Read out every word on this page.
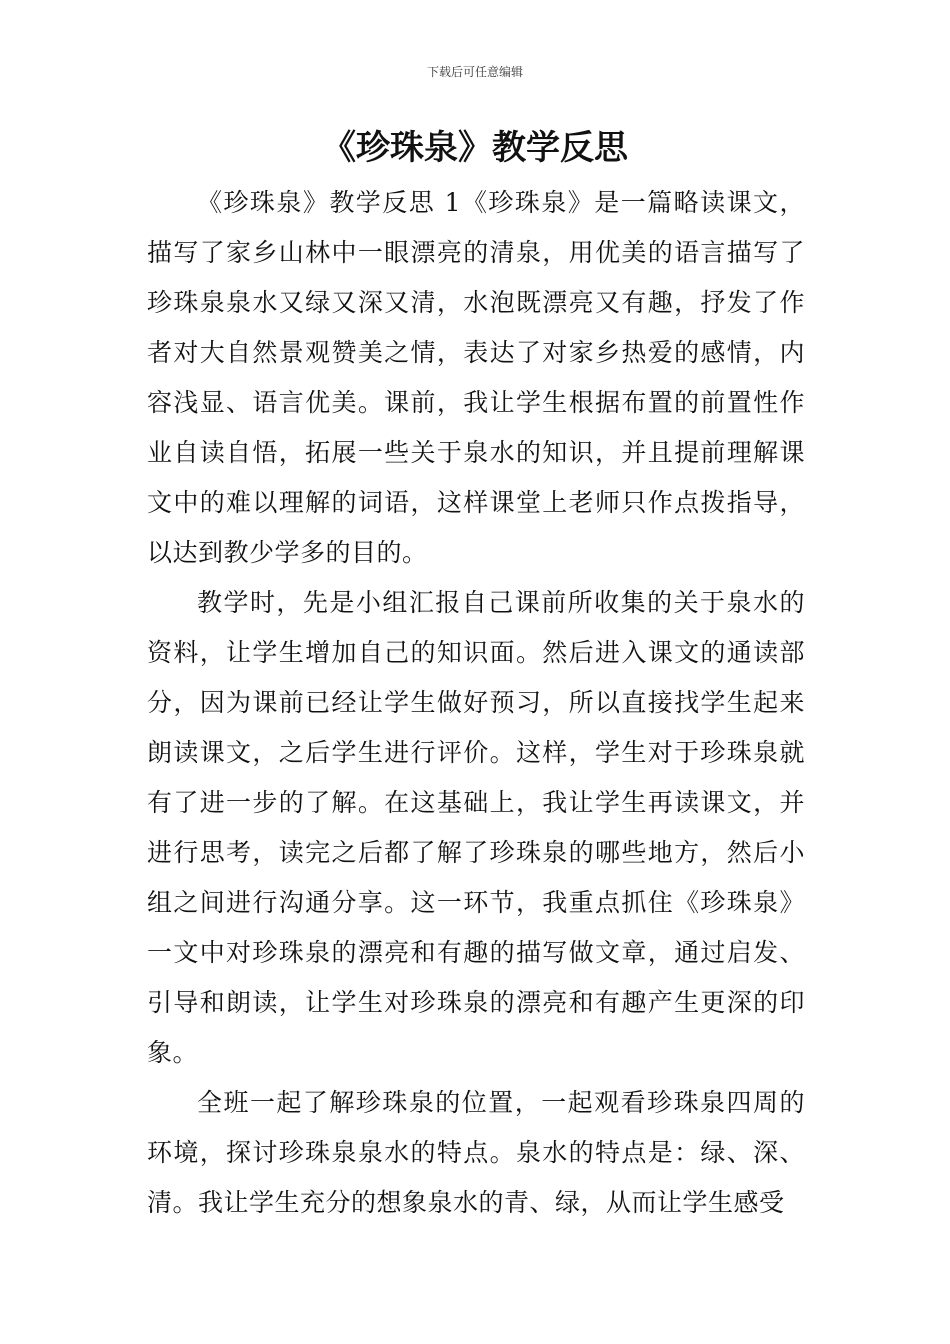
下载后可任意编辑
《珍珠泉》教学反思

《珍珠泉》教学反思 1《珍珠泉》是一篇略读课文，描写了家乡山林中一眼漂亮的清泉，用优美的语言描写了珍珠泉泉水又绿又深又清，水泡既漂亮又有趣，抒发了作者对大自然景观赞美之情，表达了对家乡热爱的感情，内容浅显、语言优美。课前，我让学生根据布置的前置性作业自读自悟，拓展一些关于泉水的知识，并且提前理解课文中的难以理解的词语，这样课堂上老师只作点拨指导，以达到教少学多的目的。

教学时，先是小组汇报自己课前所收集的关于泉水的资料，让学生增加自己的知识面。然后进入课文的通读部分，因为课前已经让学生做好预习，所以直接找学生起来朗读课文，之后学生进行评价。这样，学生对于珍珠泉就有了进一步的了解。在这基础上，我让学生再读课文，并进行思考，读完之后都了解了珍珠泉的哪些地方，然后小组之间进行沟通分享。这一环节，我重点抓住《珍珠泉》一文中对珍珠泉的漂亮和有趣的描写做文章，通过启发、引导和朗读，让学生对珍珠泉的漂亮和有趣产生更深的印象。

全班一起了解珍珠泉的位置，一起观看珍珠泉四周的环境，探讨珍珠泉泉水的特点。泉水的特点是：绿、深、清。我让学生充分的想象泉水的青、绿，从而让学生感受
